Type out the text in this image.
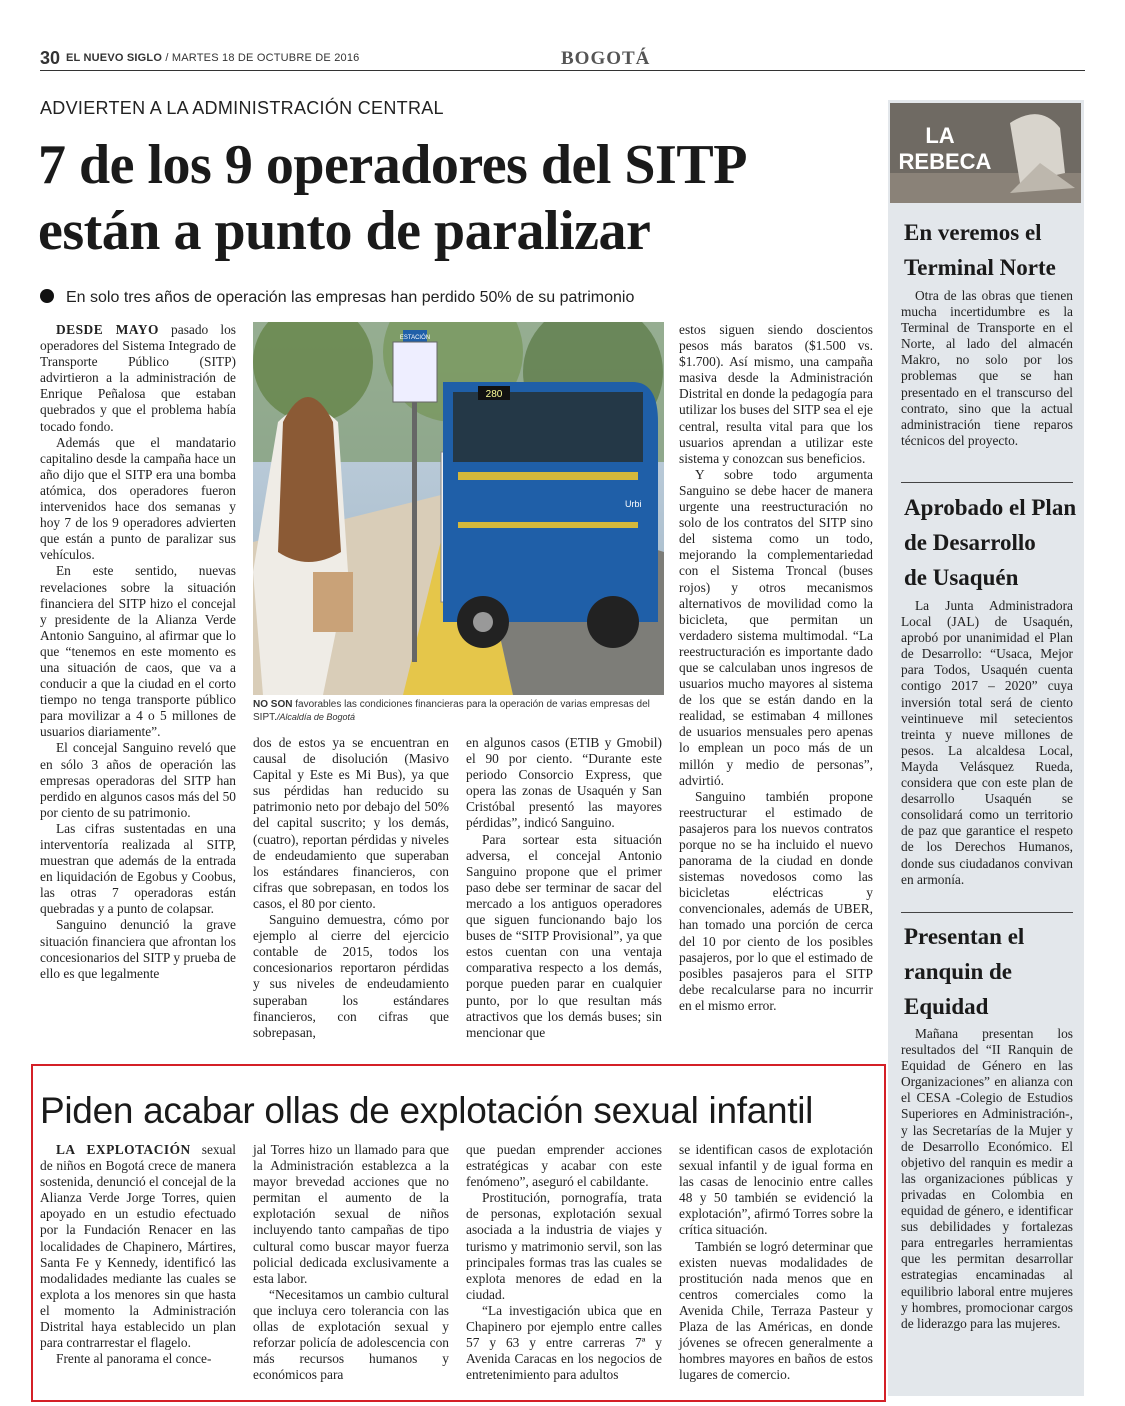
30 EL NUEVO SIGLO / MARTES 18 DE OCTUBRE DE 2016	BOGOTÁ
ADVIERTEN A LA ADMINISTRACIÓN CENTRAL
7 de los 9 operadores del SITP
están a punto de paralizar
En solo tres años de operación las empresas han perdido 50% de su patrimonio

DESDE MAYO pasado los operadores del Sistema Integrado de Transporte Público (SITP) advirtieron a la administración de Enrique Peñalosa que estaban quebrados y que el problema había tocado fondo.

Además que el mandatario capitalino desde la campaña hace un año dijo que el SITP era una bomba atómica, dos operadores fueron intervenidos hace dos semanas y hoy 7 de los 9 operadores advierten que están a punto de paralizar sus vehículos.

En este sentido, nuevas revelaciones sobre la situación financiera del SITP hizo el concejal y presidente de la Alianza Verde Antonio Sanguino, al afirmar que lo que “tenemos en este momento es una situación de caos, que va a conducir a que la ciudad en el corto tiempo no tenga transporte público para movilizar a 4 o 5 millones de usuarios diariamente”.

El concejal Sanguino reveló que en sólo 3 años de operación las empresas operadoras del SITP han perdido en algunos casos más del 50 por ciento de su patrimonio.

Las cifras sustentadas en una interventoría realizada al SITP, muestran que además de la entrada en liquidación de Egobus y Coobus, las otras 7 operadoras están quebradas y a punto de colapsar.

Sanguino denunció la grave situación financiera que afrontan los concesionarios del SITP y prueba de ello es que legalmente

ESTACIÓN
280
Urbi
NO SON favorables las condiciones financieras para la operación de varias empresas del SIPT./Alcaldía de Bogotá

dos de estos ya se encuentran en causal de disolución (Masivo Capital y Este es Mi Bus), ya que sus pérdidas han reducido su patrimonio neto por debajo del 50% del capital suscrito; y los demás, (cuatro), reportan pérdidas y niveles de endeudamiento que superaban los estándares financieros, con cifras que sobrepasan, en todos los casos, el 80 por ciento.

Sanguino demuestra, cómo por ejemplo al cierre del ejercicio contable de 2015, todos los concesionarios reportaron pérdidas y sus niveles de endeudamiento superaban los estándares financieros, con cifras que sobrepasan,

en algunos casos (ETIB y Gmobil) el 90 por ciento. “Durante este periodo Consorcio Express, que opera las zonas de Usaquén y San Cristóbal presentó las mayores pérdidas”, indicó Sanguino.

Para sortear esta situación adversa, el concejal Antonio Sanguino propone que el primer paso debe ser terminar de sacar del mercado a los antiguos operadores que siguen funcionando bajo los buses de “SITP Provisional”, ya que estos cuentan con una ventaja comparativa respecto a los demás, porque pueden parar en cualquier punto, por lo que resultan más atractivos que los demás buses; sin mencionar que

estos siguen siendo doscientos pesos más baratos ($1.500 vs. $1.700). Así mismo, una campaña masiva desde la Administración Distrital en donde la pedagogía para utilizar los buses del SITP sea el eje central, resulta vital para que los usuarios aprendan a utilizar este sistema y conozcan sus beneficios.

Y sobre todo argumenta Sanguino se debe hacer de manera urgente una reestructuración no solo de los contratos del SITP sino del sistema como un todo, mejorando la complementariedad con el Sistema Troncal (buses rojos) y otros mecanismos alternativos de movilidad como la bicicleta, que permitan un verdadero sistema multimodal. “La reestructuración es importante dado que se calculaban unos ingresos de usuarios mucho mayores al sistema de los que se están dando en la realidad, se estimaban 4 millones de usuarios mensuales pero apenas lo emplean un poco más de un millón y medio de personas”, advirtió.

Sanguino también propone reestructurar el estimado de pasajeros para los nuevos contratos porque no se ha incluido el nuevo panorama de la ciudad en donde sistemas novedosos como las bicicletas eléctricas y convencionales, además de UBER, han tomado una porción de cerca del 10 por ciento de los posibles pasajeros, por lo que el estimado de posibles pasajeros para el SITP debe recalcularse para no incurrir en el mismo error.

Piden acabar ollas de explotación sexual infantil

LA EXPLOTACIÓN sexual de niños en Bogotá crece de manera sostenida, denunció el concejal de la Alianza Verde Jorge Torres, quien apoyado en un estudio efectuado por la Fundación Renacer en las localidades de Chapinero, Mártires, Santa Fe y Kennedy, identificó las modalidades mediante las cuales se explota a los menores sin que hasta el momento la Administración Distrital haya establecido un plan para contrarrestar el flagelo.

Frente al panorama el conce-

jal Torres hizo un llamado para que la Administración establezca a la mayor brevedad acciones que no permitan el aumento de la explotación sexual de niños incluyendo tanto campañas de tipo cultural como buscar mayor fuerza policial dedicada exclusivamente a esta labor.

“Necesitamos un cambio cultural que incluya cero tolerancia con las ollas de explotación sexual y reforzar policía de adolescencia con más recursos humanos y económicos para

que puedan emprender acciones estratégicas y acabar con este fenómeno”, aseguró el cabildante.

Prostitución, pornografía, trata de personas, explotación sexual asociada a la industria de viajes y turismo y matrimonio servil, son las principales formas tras las cuales se explota menores de edad en la ciudad.

“La investigación ubica que en Chapinero por ejemplo entre calles 57 y 63 y entre carreras 7ª y Avenida Caracas en los negocios de entretenimiento para adultos

se identifican casos de explotación sexual infantil y de igual forma en las casas de lenocinio entre calles 48 y 50 también se evidenció la explotación”, afirmó Torres sobre la crítica situación.

También se logró determinar que existen nuevas modalidades de prostitución nada menos que en centros comerciales como la Avenida Chile, Terraza Pasteur y Plaza de las Américas, en donde jóvenes se ofrecen generalmente a hombres mayores en baños de estos lugares de comercio.

LA
REBECA
En veremos el
Terminal Norte

Otra de las obras que tienen mucha incertidumbre es la Terminal de Transporte en el Norte, al lado del almacén Makro, no solo por los problemas que se han presentado en el transcurso del contrato, sino que la actual administración tiene reparos técnicos del proyecto.

Aprobado el Plan
de Desarrollo
de Usaquén

La Junta Administradora Local (JAL) de Usaquén, aprobó por unanimidad el Plan de Desarrollo: “Usaca, Mejor para Todos, Usaquén cuenta contigo 2017 – 2020” cuya inversión total será de ciento veintinueve mil setecientos treinta y nueve millones de pesos. La alcaldesa Local, Mayda Velásquez Rueda, considera que con este plan de desarrollo Usaquén se consolidará como un territorio de paz que garantice el respeto de los Derechos Humanos, donde sus ciudadanos convivan en armonía.

Presentan el
ranquin de
Equidad

Mañana presentan los resultados del “II Ranquin de Equidad de Género en las Organizaciones” en alianza con el CESA -Colegio de Estudios Superiores en Administración-, y las Secretarías de la Mujer y de Desarrollo Económico. El objetivo del ranquin es medir a las organizaciones públicas y privadas en Colombia en equidad de género, e identificar sus debilidades y fortalezas para entregarles herramientas que les permitan desarrollar estrategias encaminadas al equilibrio laboral entre mujeres y hombres, promocionar cargos de liderazgo para las mujeres.
